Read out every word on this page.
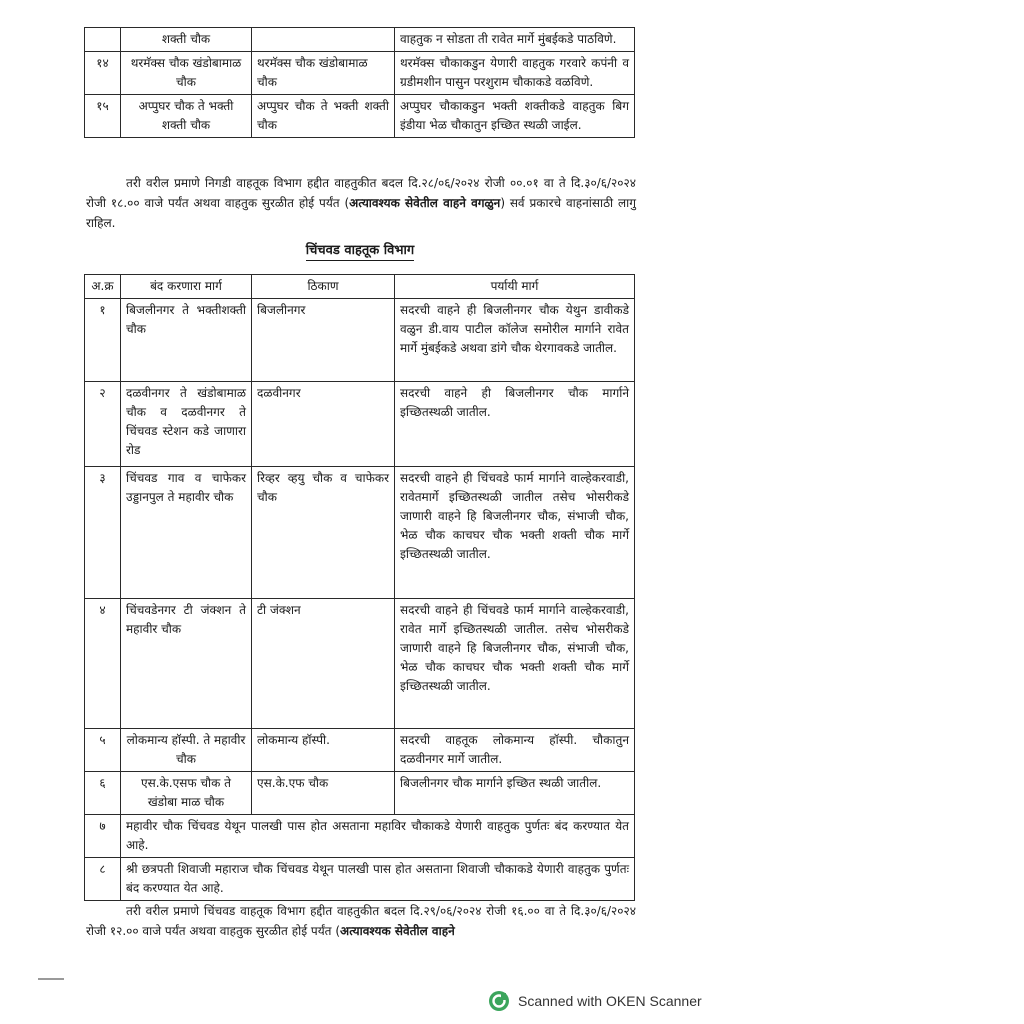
	शक्ती चौक		वाहतुक न सोडता ती रावेत मार्गे मुंबईकडे पाठविणे.
१४	थरमॅक्स चौक खंडोबामाळ चौक	थरमॅक्स चौक खंडोबामाळ चौक	थरमॅक्स चौकाकडुन येणारी वाहतुक गरवारे कपंनी व ग्रडीमशीन पासुन परशुराम चौकाकडे वळविणे.
१५	अप्पुघर चौक ते भक्ती शक्ती चौक	अप्पुघर चौक ते भक्ती शक्ती चौक	अप्पुघर चौकाकडुन भक्ती शक्तीकडे वाहतुक बिग इंडीया भेळ चौकातुन इच्छित स्थळी जाईल.
तरी वरील प्रमाणे निगडी वाहतूक विभाग हद्दीत वाहतुकीत बदल दि.२८/०६/२०२४ रोजी ००.०१ वा ते दि.३०/६/२०२४ रोजी १८.०० वाजे पर्यंत अथवा वाहतुक सुरळीत होई पर्यंत (अत्यावश्यक सेवेतील वाहने वगळुन) सर्व प्रकारचे वाहनांसाठी लागु राहिल.
चिंचवड वाहतूक विभाग
अ.क्र	बंद करणारा मार्ग	ठिकाण	पर्यायी मार्ग
१	बिजलीनगर ते भक्तीशक्ती चौक	बिजलीनगर	सदरची वाहने ही बिजलीनगर चौक येथुन डावीकडे वळुन डी.वाय पाटील कॉलेज समोरील मार्गाने रावेत मार्गे मुंबईकडे अथवा डांगे चौक थेरगावकडे जातील.
२	दळवीनगर ते खंडोबामाळ चौक व दळवीनगर ते चिंचवड स्टेशन कडे जाणारा रोड	दळवीनगर	सदरची वाहने ही बिजलीनगर चौक मार्गाने इच्छितस्थळी जातील.
३	चिंचवड गाव व चाफेकर उड्डानपुल ते महावीर चौक	रिव्हर व्हयु चौक व चाफेकर चौक	सदरची वाहने ही चिंचवडे फार्म मार्गाने वाल्हेकरवाडी, रावेतमार्गे इच्छितस्थळी जातील तसेच भोसरीकडे जाणारी वाहने हि बिजलीनगर चौक, संभाजी चौक, भेळ चौक काचघर चौक भक्ती शक्ती चौक मार्गे इच्छितस्थळी जातील.
४	चिंचवडेनगर टी जंक्शन ते महावीर चौक	टी जंक्शन	सदरची वाहने ही चिंचवडे फार्म मार्गाने वाल्हेकरवाडी, रावेत मार्गे इच्छितस्थळी जातील. तसेच भोसरीकडे जाणारी वाहने हि बिजलीनगर चौक, संभाजी चौक, भेळ चौक काचघर चौक भक्ती शक्ती चौक मार्गे इच्छितस्थळी जातील.
५	लोकमान्य हॉस्पी. ते महावीर चौक	लोकमान्य हॉस्पी.	सदरची वाहतूक लोकमान्य हॉस्पी. चौकातुन दळवीनगर मार्गे जातील.
६	एस.के.एसफ चौक ते खंडोबा माळ चौक	एस.के.एफ चौक	बिजलीनगर चौक मार्गाने इच्छित स्थळी जातील.
७	महावीर चौक चिंचवड येथून पालखी पास होत असताना महाविर चौकाकडे येणारी वाहतुक पुर्णतः बंद करण्यात येत आहे.		
८	श्री छत्रपती शिवाजी महाराज चौक चिंचवड येथून पालखी पास होत असताना शिवाजी चौकाकडे येणारी वाहतुक पुर्णतः बंद करण्यात येत आहे.		
तरी वरील प्रमाणे चिंचवड वाहतूक विभाग हद्दीत वाहतुकीत बदल दि.२९/०६/२०२४ रोजी १६.०० वा ते दि.३०/६/२०२४ रोजी १२.०० वाजे पर्यंत अथवा वाहतुक सुरळीत होई पर्यंत (अत्यावश्यक सेवेतील वाहने
Scanned with OKEN Scanner
